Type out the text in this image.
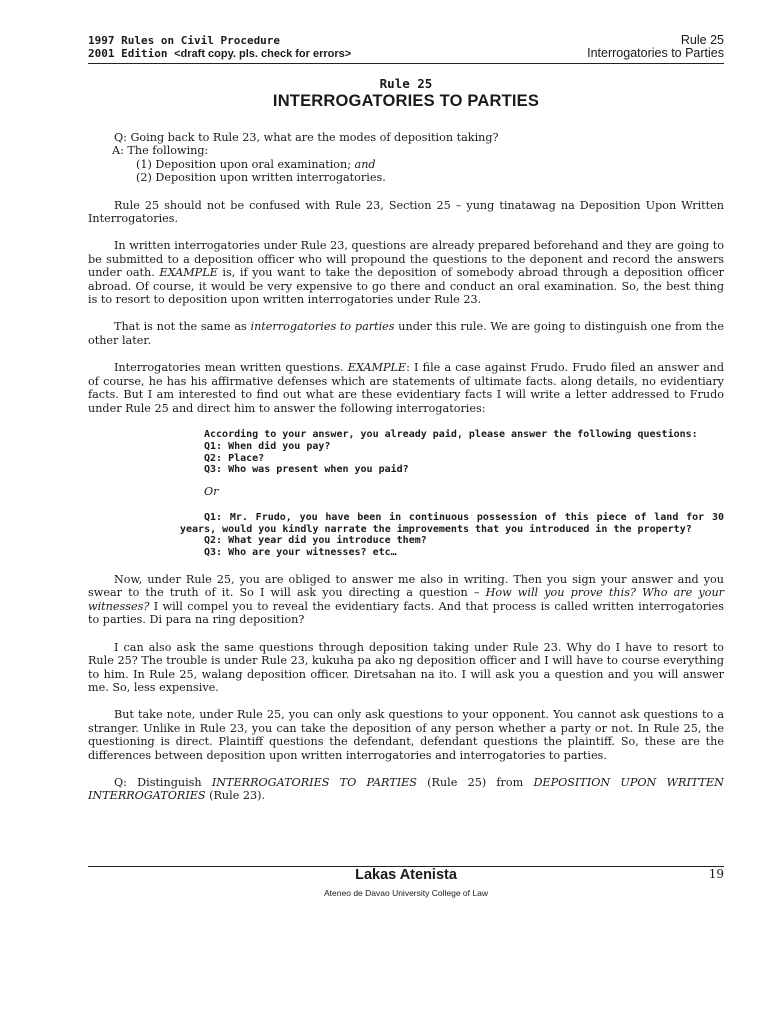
1997 Rules on Civil Procedure
2001 Edition <draft copy. pls. check for errors>
Rule 25
Interrogatories to Parties
Rule 25
INTERROGATORIES TO PARTIES
Q: Going back to Rule 23, what are the modes of deposition taking?
A: The following:
(1) Deposition upon oral examination; and
(2) Deposition upon written interrogatories.

Rule 25 should not be confused with Rule 23, Section 25 – yung tinatawag na Deposition Upon Written Interrogatories.

In written interrogatories under Rule 23, questions are already prepared beforehand and they are going to be submitted to a deposition officer who will propound the questions to the deponent and record the answers under oath. EXAMPLE is, if you want to take the deposition of somebody abroad through a deposition officer abroad. Of course, it would be very expensive to go there and conduct an oral examination. So, the best thing is to resort to deposition upon written interrogatories under Rule 23.

That is not the same as interrogatories to parties under this rule. We are going to distinguish one from the other later.

Interrogatories mean written questions. EXAMPLE: I file a case against Frudo. Frudo filed an answer and of course, he has his affirmative defenses which are statements of ultimate facts. along details, no evidentiary facts. But I am interested to find out what are these evidentiary facts I will write a letter addressed to Frudo under Rule 25 and direct him to answer the following interrogatories:

According to your answer, you already paid, please answer the following questions:
Q1: When did you pay?
Q2: Place?
Q3: Who was present when you paid?
Or
Q1: Mr. Frudo, you have been in continuous possession of this piece of land for 30 years, would you kindly narrate the improvements that you introduced in the property?
Q2: What year did you introduce them?
Q3: Who are your witnesses? etc…

Now, under Rule 25, you are obliged to answer me also in writing. Then you sign your answer and you swear to the truth of it. So I will ask you directing a question – How will you prove this? Who are your witnesses? I will compel you to reveal the evidentiary facts. And that process is called written interrogatories to parties. Di para na ring deposition?

I can also ask the same questions through deposition taking under Rule 23. Why do I have to resort to Rule 25? The trouble is under Rule 23, kukuha pa ako ng deposition officer and I will have to course everything to him. In Rule 25, walang deposition officer. Diretsahan na ito. I will ask you a question and you will answer me. So, less expensive.

But take note, under Rule 25, you can only ask questions to your opponent. You cannot ask questions to a stranger. Unlike in Rule 23, you can take the deposition of any person whether a party or not. In Rule 25, the questioning is direct. Plaintiff questions the defendant, defendant questions the plaintiff. So, these are the differences between deposition upon written interrogatories and interrogatories to parties.

Q: Distinguish INTERROGATORIES TO PARTIES (Rule 25) from DEPOSITION UPON WRITTEN INTERROGATORIES (Rule 23).

Lakas Atenista	19
Ateneo de Davao University College of Law
